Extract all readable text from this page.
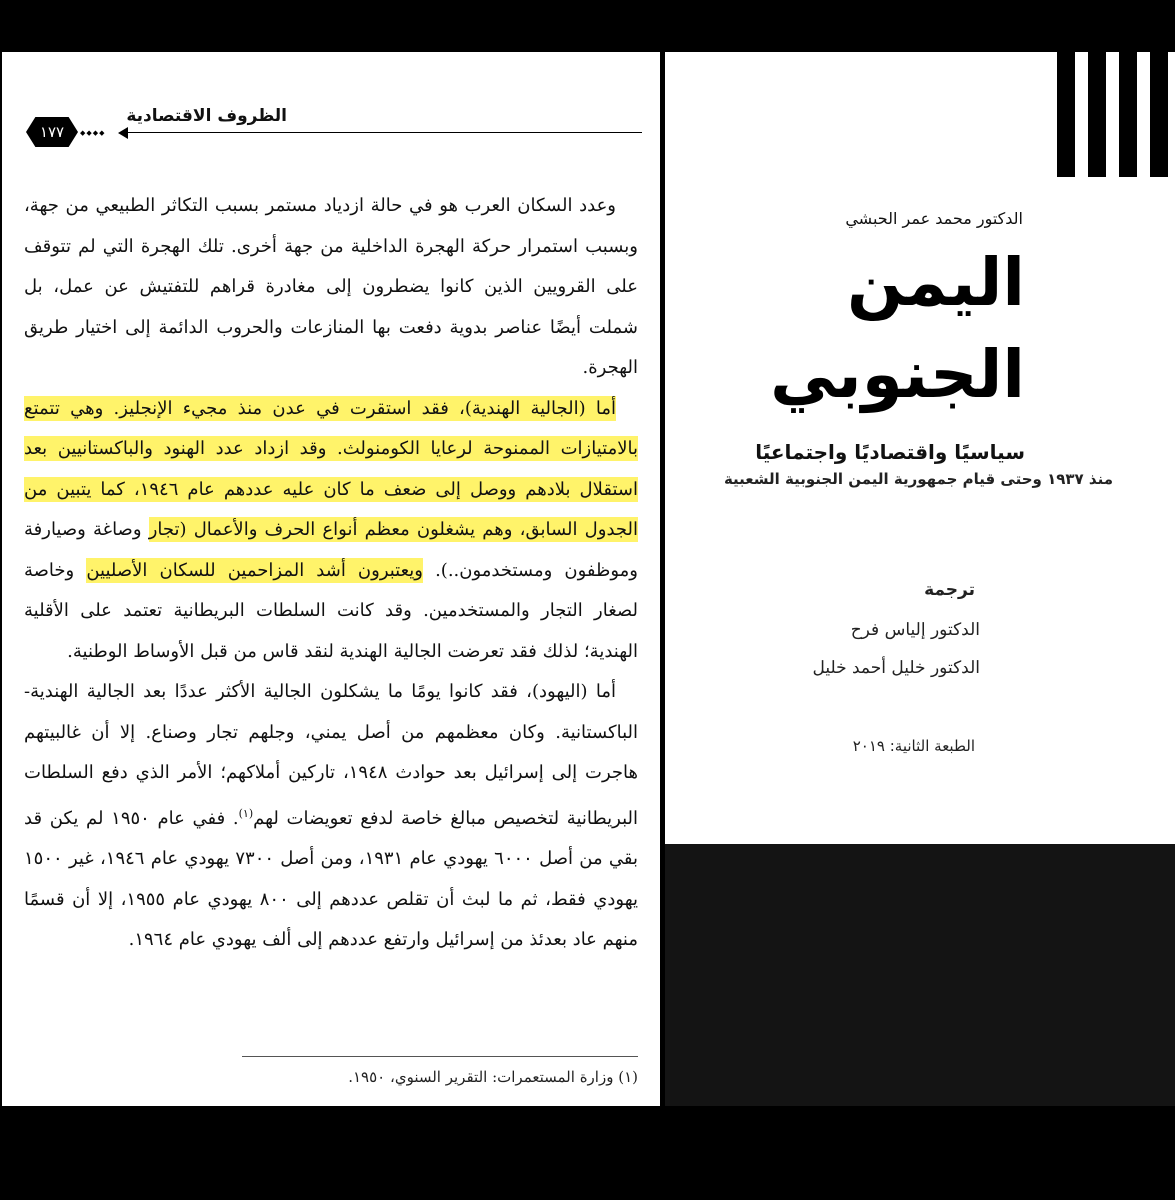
١٧٧	◆◆◆◆
الظروف الاقتصادية

وعدد السكان العرب هو في حالة ازدياد مستمر بسبب التكاثر الطبيعي من جهة، وبسبب استمرار حركة الهجرة الداخلية من جهة أخرى. تلك الهجرة التي لم تتوقف على القرويين الذين كانوا يضطرون إلى مغادرة قراهم للتفتيش عن عمل، بل شملت أيضًا عناصر بدوية دفعت بها المنازعات والحروب الدائمة إلى اختيار طريق الهجرة.

أما (الجالية الهندية)، فقد استقرت في عدن منذ مجيء الإنجليز. وهي تتمتع بالامتيازات الممنوحة لرعايا الكومنولث. وقد ازداد عدد الهنود والباكستانيين بعد استقلال بلادهم ووصل إلى ضعف ما كان عليه عددهم عام ١٩٤٦، كما يتبين من الجدول السابق، وهم يشغلون معظم أنواع الحرف والأعمال (تجار وصاغة وصيارفة وموظفون ومستخدمون..). ويعتبرون أشد المزاحمين للسكان الأصليين وخاصة لصغار التجار والمستخدمين. وقد كانت السلطات البريطانية تعتمد على الأقلية الهندية؛ لذلك فقد تعرضت الجالية الهندية لنقد قاس من قبل الأوساط الوطنية.

أما (اليهود)، فقد كانوا يومًا ما يشكلون الجالية الأكثر عددًا بعد الجالية الهندية- الباكستانية. وكان معظمهم من أصل يمني، وجلهم تجار وصناع. إلا أن غالبيتهم هاجرت إلى إسرائيل بعد حوادث ١٩٤٨، تاركين أملاكهم؛ الأمر الذي دفع السلطات البريطانية لتخصيص مبالغ خاصة لدفع تعويضات لهم$^{(١)}$. ففي عام ١٩٥٠ لم يكن قد بقي من أصل ٦٠٠٠ يهودي عام ١٩٣١، ومن أصل ٧٣٠٠ يهودي عام ١٩٤٦، غير ١٥٠٠ يهودي فقط، ثم ما لبث أن تقلص عددهم إلى ٨٠٠ يهودي عام ١٩٥٥، إلا أن قسمًا منهم عاد بعدئذ من إسرائيل وارتفع عددهم إلى ألف يهودي عام ١٩٦٤.

(١) وزارة المستعمرات: التقرير السنوي، ١٩٥٠.
الدكتور محمد عمر الحبشي
اليمن الجنوبي
سياسيًا واقتصاديًا واجتماعيًا
منذ ١٩٣٧ وحتى قيام جمهورية اليمن الجنوبية الشعبية
ترجمة
الدكتور إلياس فرح
الدكتور خليل أحمد خليل
الطبعة الثانية: ٢٠١٩
